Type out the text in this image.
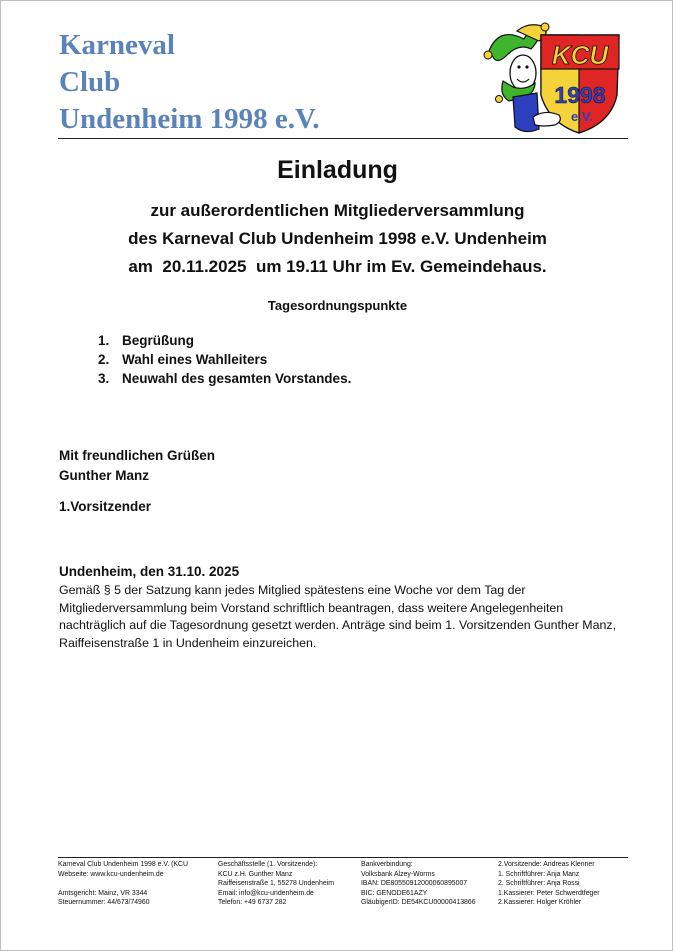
Karneval
Club
Undenheim 1998 e.V.
KCU
1998
e.V.
Einladung
zur außerordentlichen Mitgliederversammlung
des Karneval Club Undenheim 1998 e.V. Undenheim
am  20.11.2025  um 19.11 Uhr im Ev. Gemeindehaus.
Tagesordnungspunkte
1. Begrüßung
2. Wahl eines Wahlleiters
3. Neuwahl des gesamten Vorstandes.
Mit freundlichen Grüßen
Gunther Manz
1.Vorsitzender
Undenheim, den 31.10. 2025
Gemäß § 5 der Satzung kann jedes Mitglied spätestens eine Woche vor dem Tag der Mitgliederversammlung beim Vorstand schriftlich beantragen, dass weitere Angelegenheiten nachträglich auf die Tagesordnung gesetzt werden. Anträge sind beim 1. Vorsitzenden Gunther Manz, Raiffeisenstraße 1 in Undenheim einzureichen.
Karneval Club Undenheim 1998 e.V. (KCU
Webseite: www.kcu-undenheim.de
Amtsgericht: Mainz, VR 3344
Steuernummer: 44/673/74960
Geschäftsstelle (1. Vorsitzende):
KCU z.H. Gunther Manz
Raiffeisenstraße 1, 55278 Undenheim
Email: info@kcu-undenheim.de
Telefon: +49 6737 282
Bankverbindung:
Volksbank Alzey-Worms
IBAN: DE80550912000060895007
BIC: GENODE61AZY
GläubigerID: DE54KCU00000413866
2.Vorsitzende: Andreas Klenner
1. Schriftführer: Anja Manz
2. Schriftführer: Anja Rossi
1.Kassierer: Peter Schwerdtfeger
2.Kassierer: Holger Kröhler
